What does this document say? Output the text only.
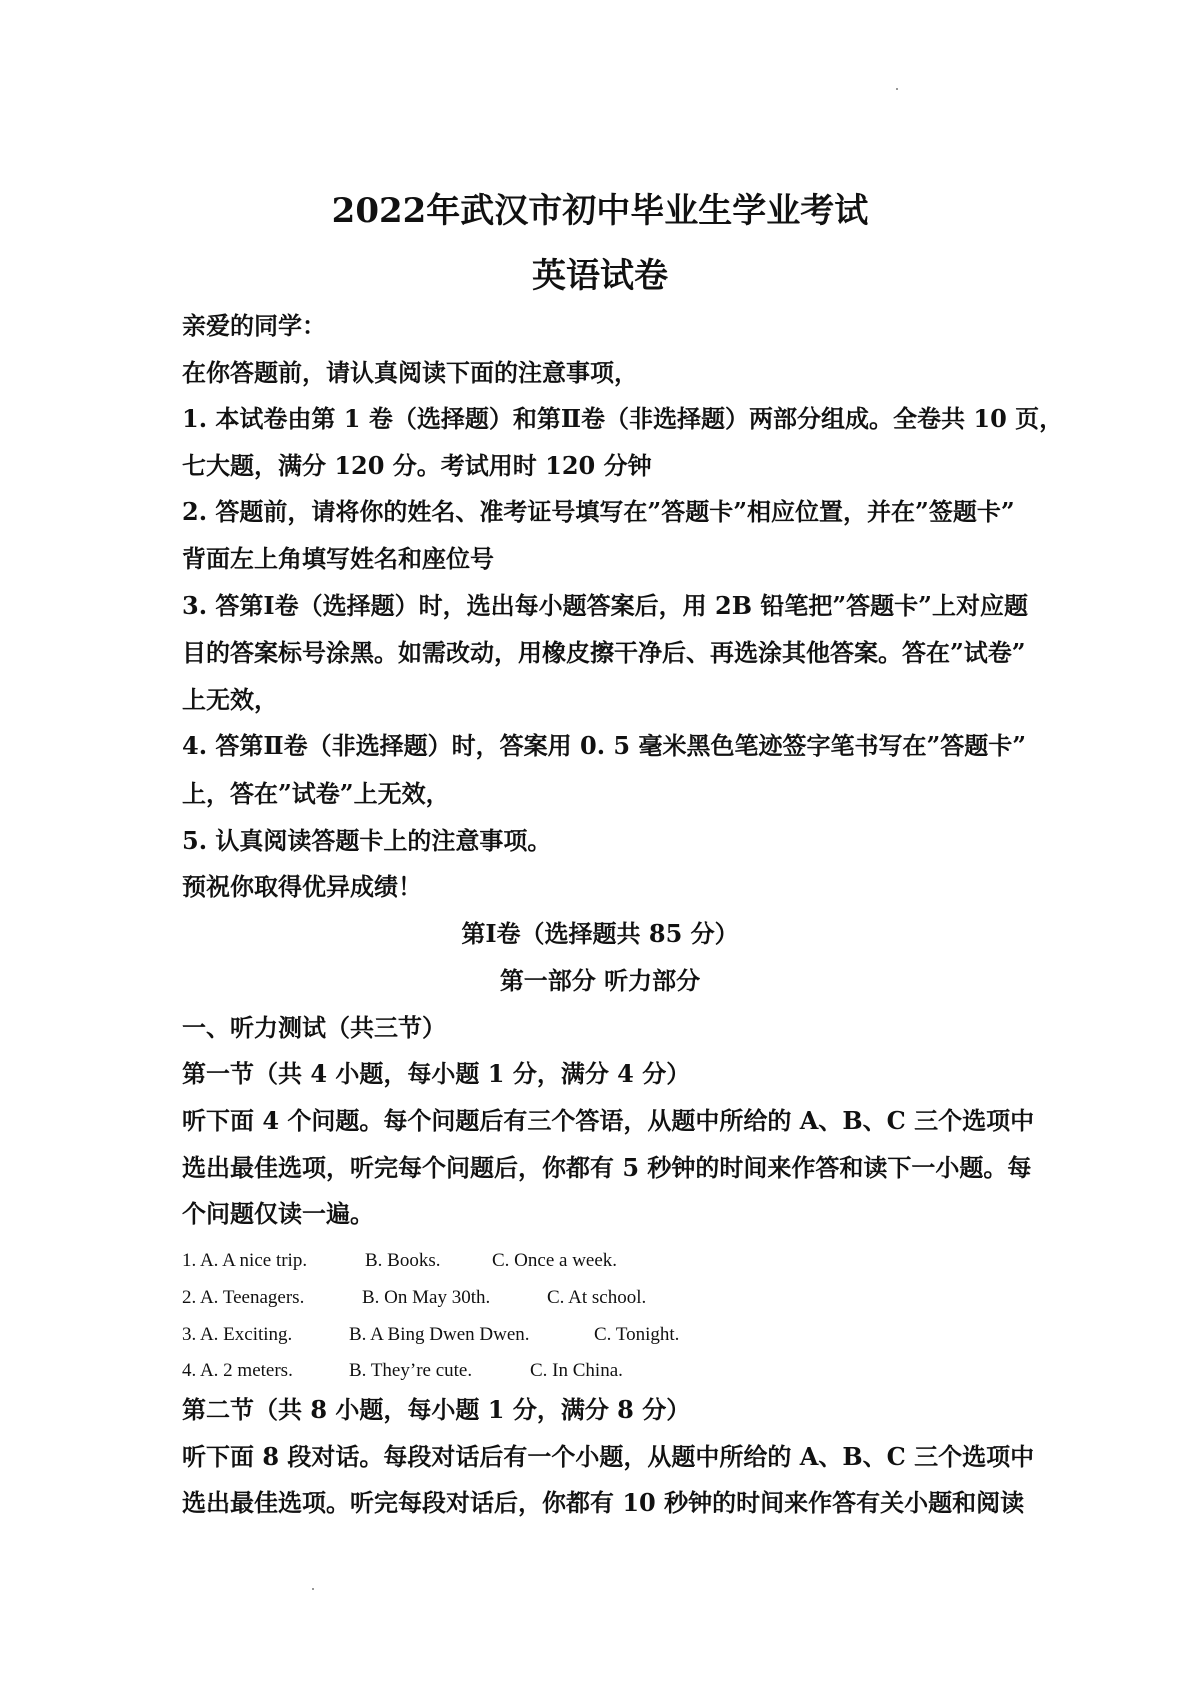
2022年武汉市初中毕业生学业考试
英语试卷
亲爱的同学：
在你答题前，请认真阅读下面的注意事项，
1. 本试卷由第 1 卷（选择题）和第Ⅱ卷（非选择题）两部分组成。全卷共 10 页，
七大题，满分 120 分。考试用时 120 分钟
2. 答题前，请将你的姓名、准考证号填写在”答题卡”相应位置，并在”签题卡”
背面左上角填写姓名和座位号
3. 答第Ⅰ卷（选择题）时，选出每小题答案后，用 2B 铅笔把”答题卡”上对应题
目的答案标号涂黑。如需改动，用橡皮擦干净后、再选涂其他答案。答在”试卷”
上无效，
4. 答第Ⅱ卷（非选择题）时，答案用 0. 5 毫米黑色笔迹签字笔书写在”答题卡”
上，答在”试卷”上无效，
5. 认真阅读答题卡上的注意事项。
预祝你取得优异成绩！
第Ⅰ卷（选择题共 85 分）
第一部分 听力部分
一、听力测试（共三节）
第一节（共 4 小题，每小题 1 分，满分 4 分）
听下面 4 个问题。每个问题后有三个答语，从题中所给的 A、B、C 三个选项中
选出最佳选项，听完每个问题后，你都有 5 秒钟的时间来作答和读下一小题。每
个问题仅读一遍。
1. A. A nice trip.	B. Books.	C. Once a week.
2. A. Teenagers.	B. On May 30th.	C. At school.
3. A. Exciting.	B. A Bing Dwen Dwen.	C. Tonight.
4. A. 2 meters.	B. They’re cute.	C. In China.
第二节（共 8 小题，每小题 1 分，满分 8 分）
听下面 8 段对话。每段对话后有一个小题，从题中所给的 A、B、C 三个选项中
选出最佳选项。听完每段对话后，你都有 10 秒钟的时间来作答有关小题和阅读
